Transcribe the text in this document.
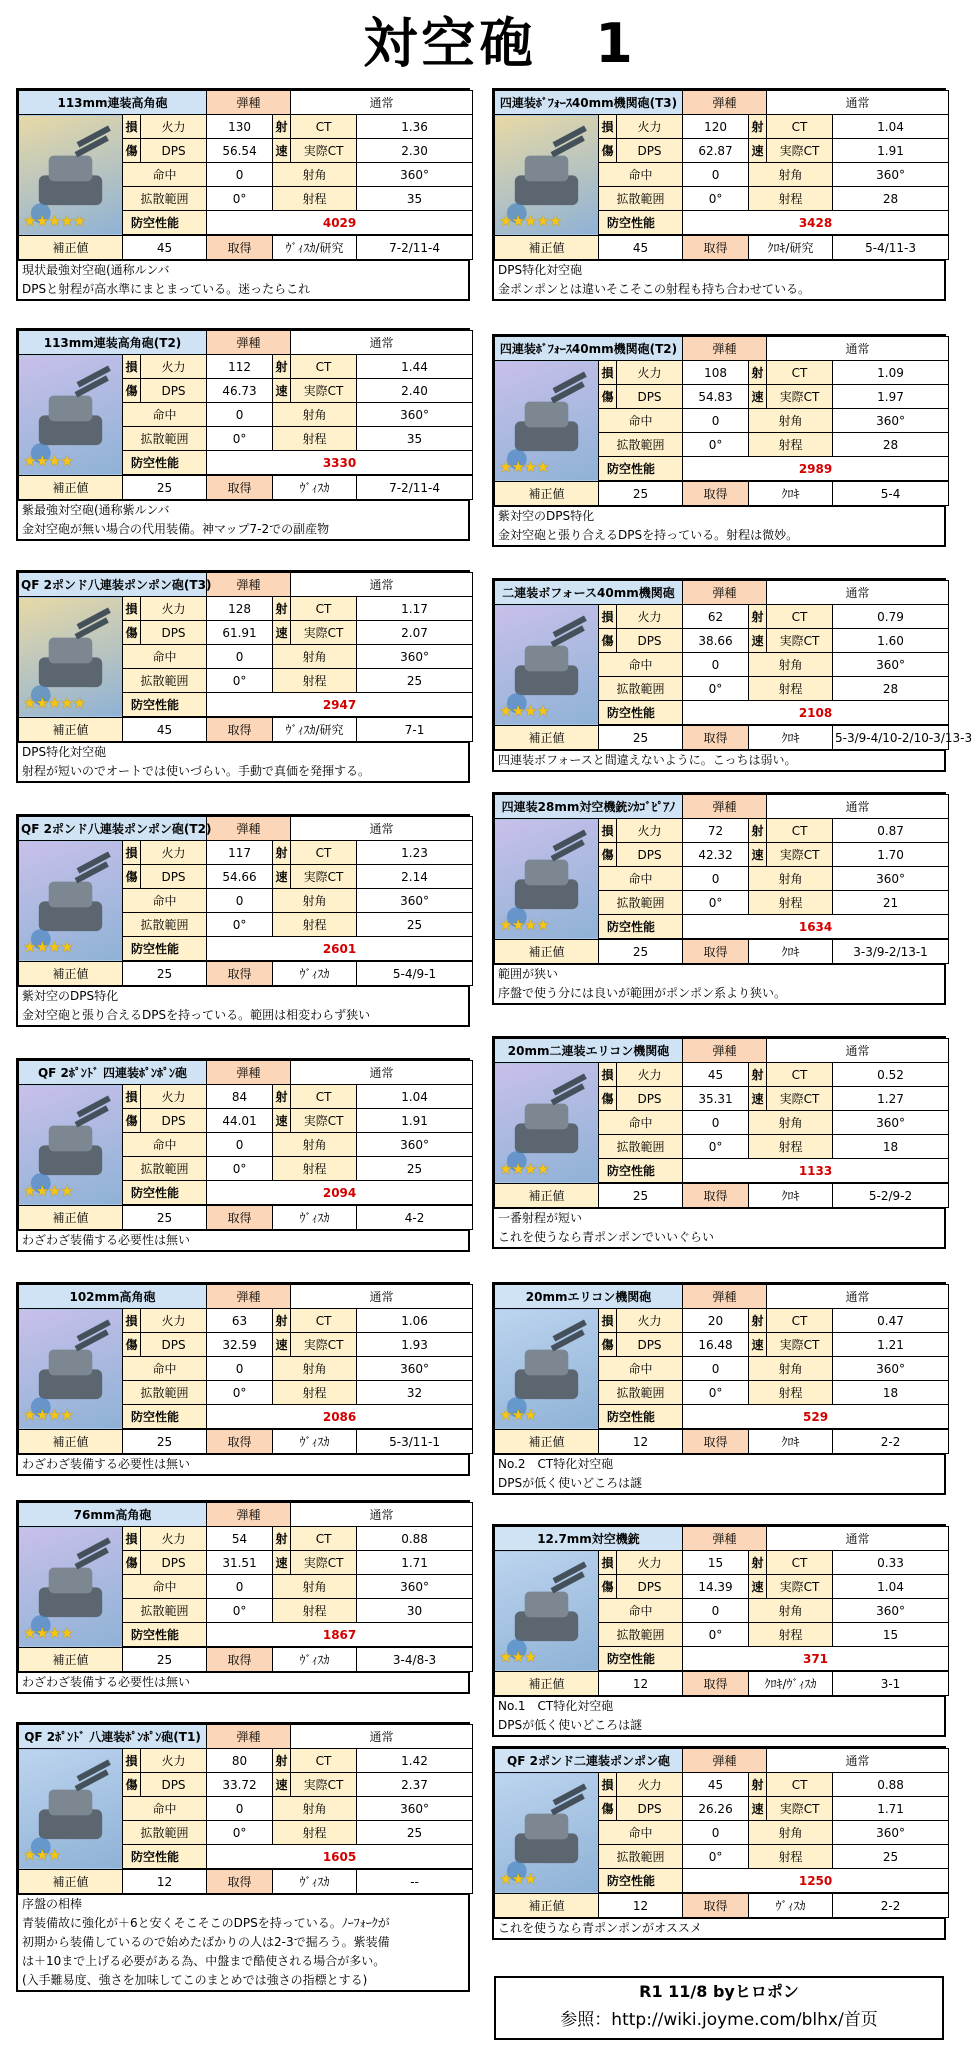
対空砲　1
113mm連装高角砲			弾種		通常	

★★★★★	損	火力	130	射	CT	1.36
	傷	DPS	56.54	速	実際CT	2.30
	命中		0	射角		360°
	拡散範囲		0°	射程		35
	防空性能		4029			

補正値	45		取得	ｳﾞｨｽｶ/研究		7-2/11-4
現状最強対空砲(通称ルンバ
DPSと射程が高水準にまとまっている。迷ったらこれ
113mm連装高角砲(T2)			弾種		通常	

★★★★	損	火力	112	射	CT	1.44
	傷	DPS	46.73	速	実際CT	2.40
	命中		0	射角		360°
	拡散範囲		0°	射程		35
	防空性能		3330			

補正値	25		取得	ｳﾞｨｽｶ		7-2/11-4
紫最強対空砲(通称紫ルンバ
金対空砲が無い場合の代用装備。神マップ7-2での副産物
QF 2ポンド八連装ポンポン砲(T3)			弾種		通常	

★★★★★	損	火力	128	射	CT	1.17
	傷	DPS	61.91	速	実際CT	2.07
	命中		0	射角		360°
	拡散範囲		0°	射程		25
	防空性能		2947			

補正値	45		取得	ｳﾞｨｽｶ/研究		7-1
DPS特化対空砲
射程が短いのでオートでは使いづらい。手動で真価を発揮する。
QF 2ポンド八連装ポンポン砲(T2)			弾種		通常	

★★★★	損	火力	117	射	CT	1.23
	傷	DPS	54.66	速	実際CT	2.14
	命中		0	射角		360°
	拡散範囲		0°	射程		25
	防空性能		2601			

補正値	25		取得	ｳﾞｨｽｶ		5-4/9-1
紫対空のDPS特化
金対空砲と張り合えるDPSを持っている。範囲は相変わらず狭い
QF 2ﾎﾟﾝﾄﾞ 四連装ﾎﾟﾝﾎﾟﾝ砲			弾種		通常	

★★★★	損	火力	84	射	CT	1.04
	傷	DPS	44.01	速	実際CT	1.91
	命中		0	射角		360°
	拡散範囲		0°	射程		25
	防空性能		2094			

補正値	25		取得	ｳﾞｨｽｶ		4-2
わざわざ装備する必要性は無い
102mm高角砲			弾種		通常	

★★★★	損	火力	63	射	CT	1.06
	傷	DPS	32.59	速	実際CT	1.93
	命中		0	射角		360°
	拡散範囲		0°	射程		32
	防空性能		2086			

補正値	25		取得	ｳﾞｨｽｶ		5-3/11-1
わざわざ装備する必要性は無い
76mm高角砲			弾種		通常	

★★★★	損	火力	54	射	CT	0.88
	傷	DPS	31.51	速	実際CT	1.71
	命中		0	射角		360°
	拡散範囲		0°	射程		30
	防空性能		1867			

補正値	25		取得	ｳﾞｨｽｶ		3-4/8-3
わざわざ装備する必要性は無い
QF 2ﾎﾟﾝﾄﾞ 八連装ﾎﾟﾝﾎﾟﾝ砲(T1)			弾種		通常	

★★★	損	火力	80	射	CT	1.42
	傷	DPS	33.72	速	実際CT	2.37
	命中		0	射角		360°
	拡散範囲		0°	射程		25
	防空性能		1605			

補正値	12		取得	ｳﾞｨｽｶ		--
序盤の相棒
青装備故に強化が＋6と安くそこそこのDPSを持っている。ﾉｰﾌｫｰｸが
初期から装備しているので始めたばかりの人は2-3で掘ろう。紫装備
は＋10まで上げる必要がある為、中盤まで酷使される場合が多い。
(入手難易度、強さを加味してこのまとめでは強さの指標とする)
四連装ﾎﾞﾌｫｰｽ40mm機関砲(T3)			弾種		通常	

★★★★★	損	火力	120	射	CT	1.04
	傷	DPS	62.87	速	実際CT	1.91
	命中		0	射角		360°
	拡散範囲		0°	射程		28
	防空性能		3428			

補正値	45		取得	ｸﾛｷ/研究		5-4/11-3
DPS特化対空砲
金ポンポンとは違いそこそこの射程も持ち合わせている。
四連装ﾎﾞﾌｫｰｽ40mm機関砲(T2)			弾種		通常	

★★★★	損	火力	108	射	CT	1.09
	傷	DPS	54.83	速	実際CT	1.97
	命中		0	射角		360°
	拡散範囲		0°	射程		28
	防空性能		2989			

補正値	25		取得	ｸﾛｷ		5-4
紫対空のDPS特化
金対空砲と張り合えるDPSを持っている。射程は微妙。
二連装ボフォース40mm機関砲			弾種		通常	

★★★★	損	火力	62	射	CT	0.79
	傷	DPS	38.66	速	実際CT	1.60
	命中		0	射角		360°
	拡散範囲		0°	射程		28
	防空性能		2108			

補正値	25		取得	ｸﾛｷ		5-3/9-4/10-2/10-3/13-3
四連装ボフォースと間違えないように。こっちは弱い。
四連装28mm対空機銃ｼｶｺﾞﾋﾟｱﾉ			弾種		通常	

★★★★	損	火力	72	射	CT	0.87
	傷	DPS	42.32	速	実際CT	1.70
	命中		0	射角		360°
	拡散範囲		0°	射程		21
	防空性能		1634			

補正値	25		取得	ｸﾛｷ		3-3/9-2/13-1
範囲が狭い
序盤で使う分には良いが範囲がポンポン系より狭い。
20mm二連装エリコン機関砲			弾種		通常	

★★★★	損	火力	45	射	CT	0.52
	傷	DPS	35.31	速	実際CT	1.27
	命中		0	射角		360°
	拡散範囲		0°	射程		18
	防空性能		1133			

補正値	25		取得	ｸﾛｷ		5-2/9-2
一番射程が短い
これを使うなら青ポンポンでいいぐらい
20mmエリコン機関砲			弾種		通常	

★★★	損	火力	20	射	CT	0.47
	傷	DPS	16.48	速	実際CT	1.21
	命中		0	射角		360°
	拡散範囲		0°	射程		18
	防空性能		529			

補正値	12		取得	ｸﾛｷ		2-2
No.2　CT特化対空砲
DPSが低く使いどころは謎
12.7mm対空機銃			弾種		通常	

★★★	損	火力	15	射	CT	0.33
	傷	DPS	14.39	速	実際CT	1.04
	命中		0	射角		360°
	拡散範囲		0°	射程		15
	防空性能		371			

補正値	12		取得	ｸﾛｷ/ｳﾞｨｽｶ		3-1
No.1　CT特化対空砲
DPSが低く使いどころは謎
QF 2ポンド二連装ポンポン砲			弾種		通常	

★★★	損	火力	45	射	CT	0.88
	傷	DPS	26.26	速	実際CT	1.71
	命中		0	射角		360°
	拡散範囲		0°	射程		25
	防空性能		1250			

補正値	12		取得	ｳﾞｨｽｶ		2-2
これを使うなら青ポンポンがオススメ
R1 11/8 byヒロポン
参照：http://wiki.joyme.com/blhx/首页
